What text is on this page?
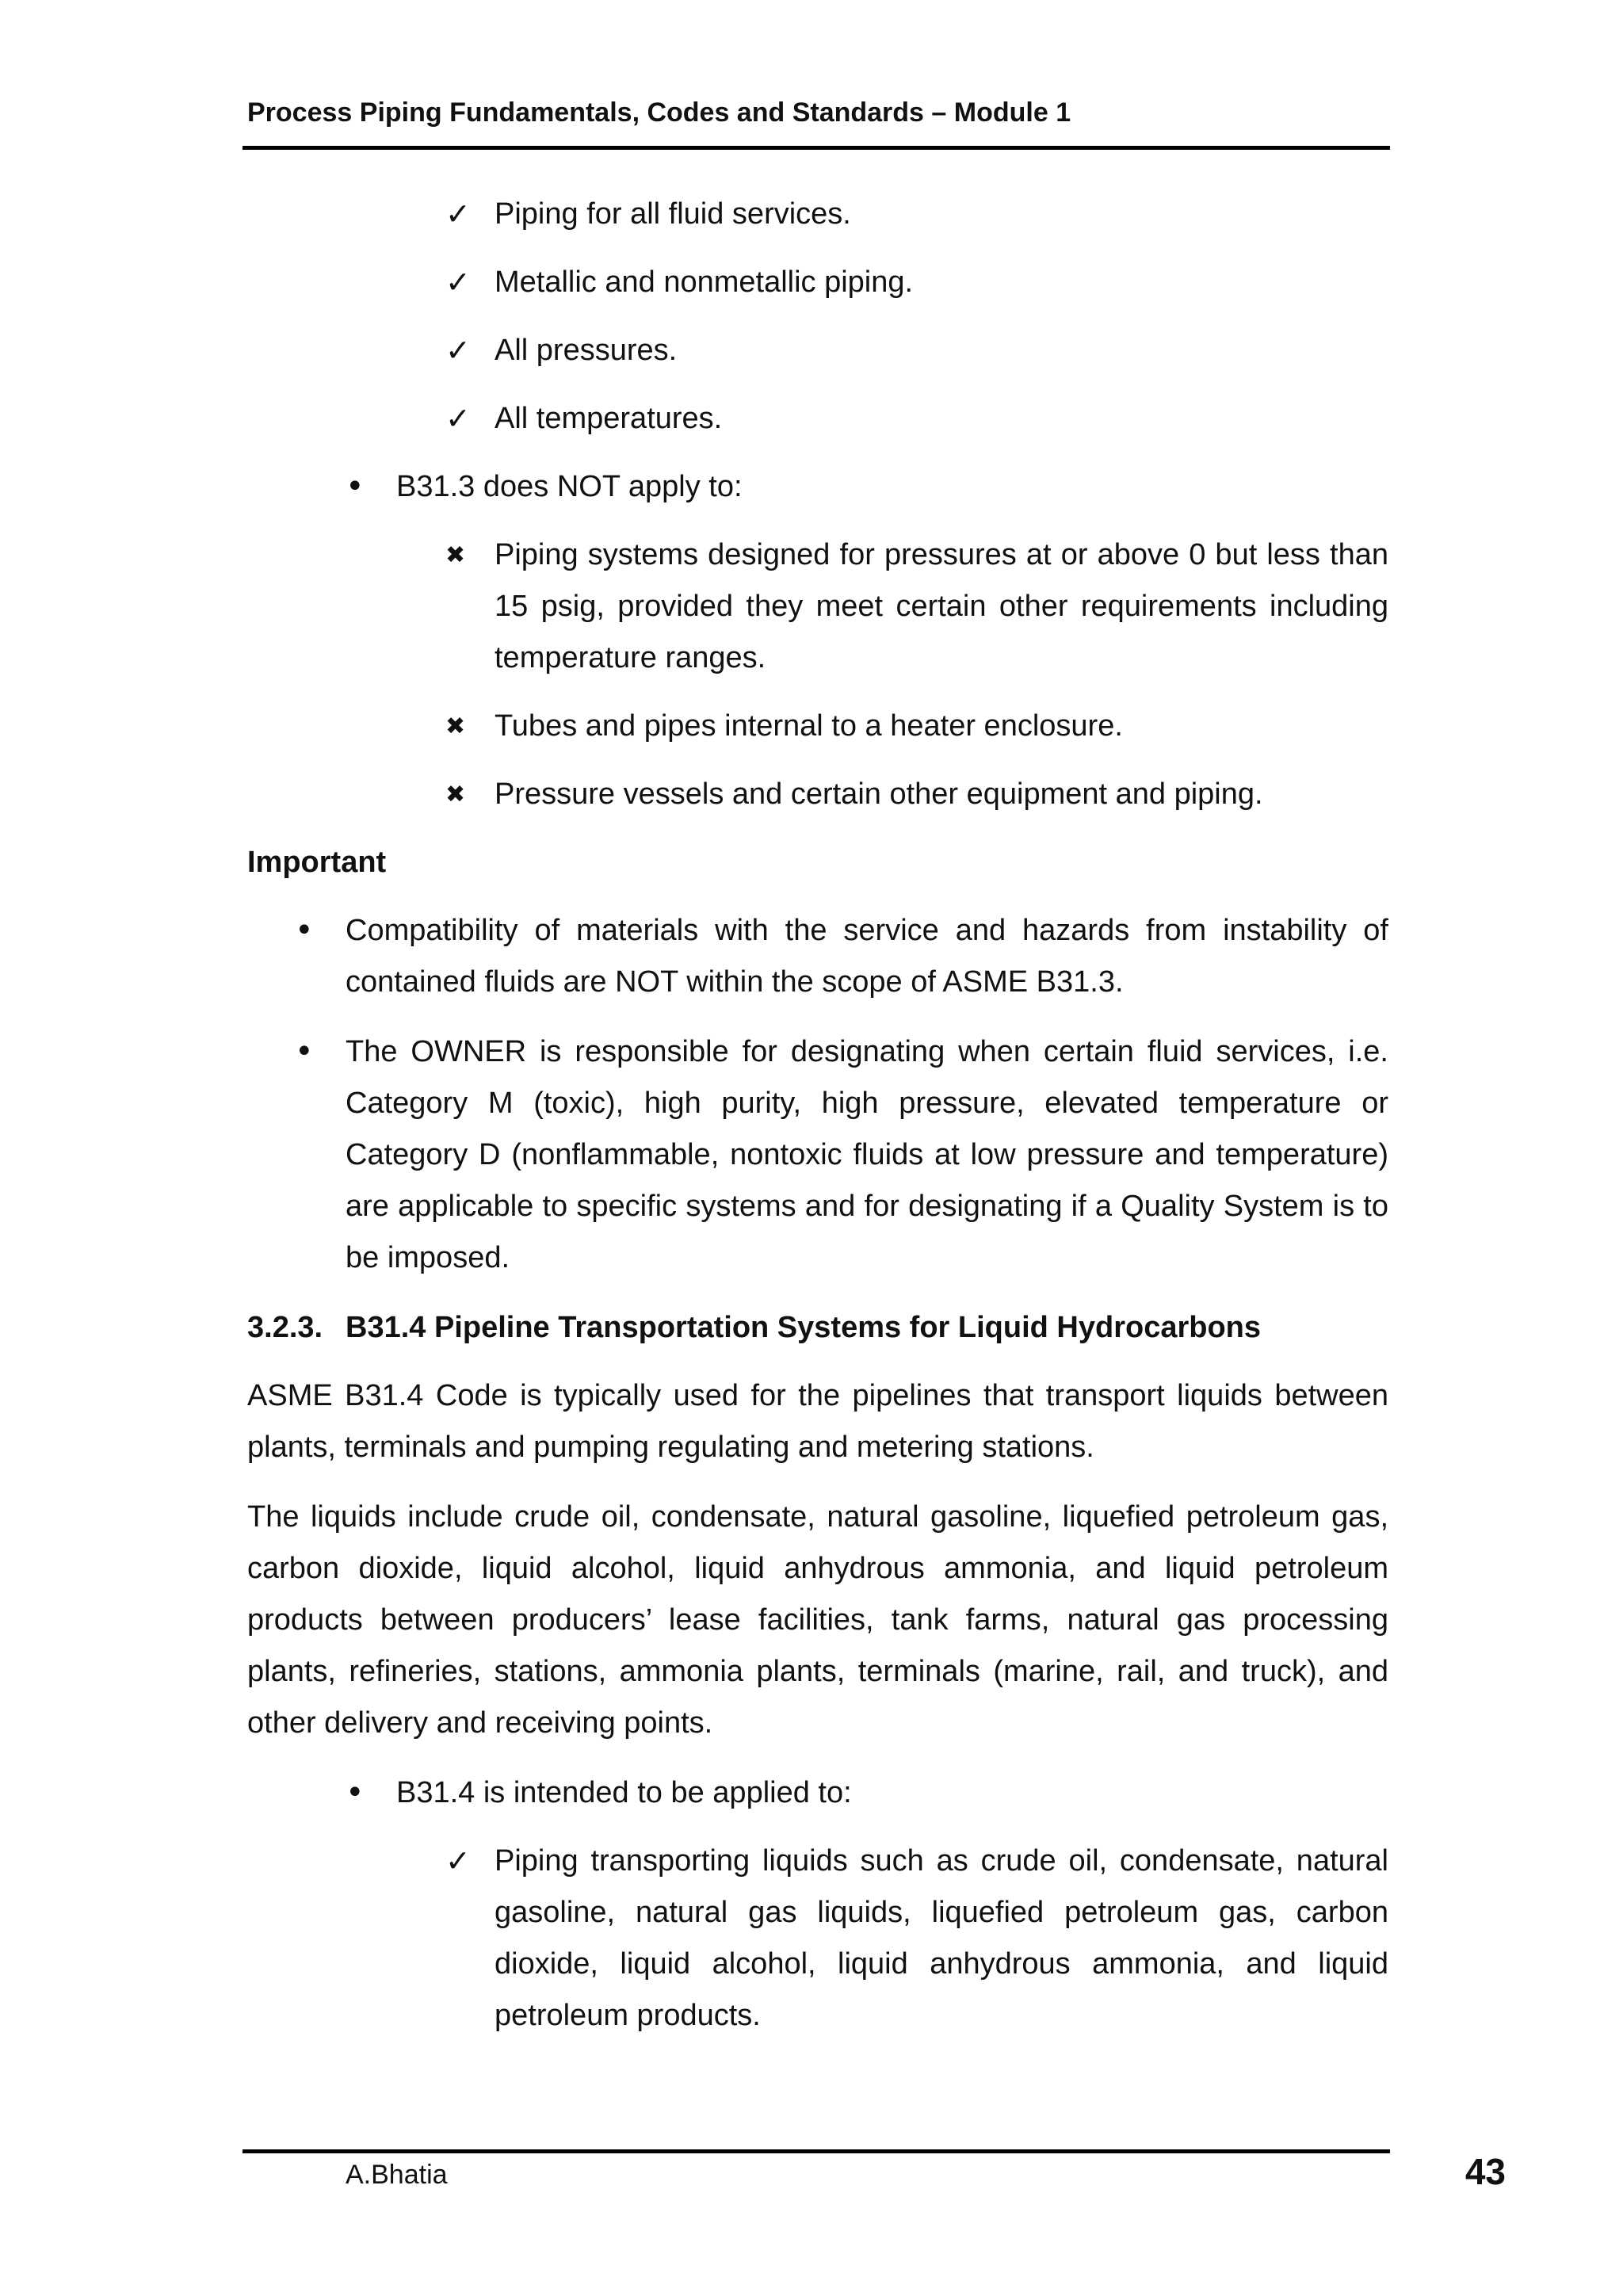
Process Piping Fundamentals, Codes and Standards – Module 1
✓ Piping for all fluid services.
✓ Metallic and nonmetallic piping.
✓ All pressures.
✓ All temperatures.
• B31.3 does NOT apply to:
✖ Piping systems designed for pressures at or above 0 but less than 15 psig, provided they meet certain other requirements including temperature ranges.
✖ Tubes and pipes internal to a heater enclosure.
✖ Pressure vessels and certain other equipment and piping.
Important
• Compatibility of materials with the service and hazards from instability of contained fluids are NOT within the scope of ASME B31.3.
• The OWNER is responsible for designating when certain fluid services, i.e. Category M (toxic), high purity, high pressure, elevated temperature or Category D (nonflammable, nontoxic fluids at low pressure and temperature) are applicable to specific systems and for designating if a Quality System is to be imposed.
3.2.3. B31.4 Pipeline Transportation Systems for Liquid Hydrocarbons
ASME B31.4 Code is typically used for the pipelines that transport liquids between plants, terminals and pumping regulating and metering stations.
The liquids include crude oil, condensate, natural gasoline, liquefied petroleum gas, carbon dioxide, liquid alcohol, liquid anhydrous ammonia, and liquid petroleum products between producers’ lease facilities, tank farms, natural gas processing plants, refineries, stations, ammonia plants, terminals (marine, rail, and truck), and other delivery and receiving points.
• B31.4 is intended to be applied to:
✓ Piping transporting liquids such as crude oil, condensate, natural gasoline, natural gas liquids, liquefied petroleum gas, carbon dioxide, liquid alcohol, liquid anhydrous ammonia, and liquid petroleum products.
A.Bhatia	43
